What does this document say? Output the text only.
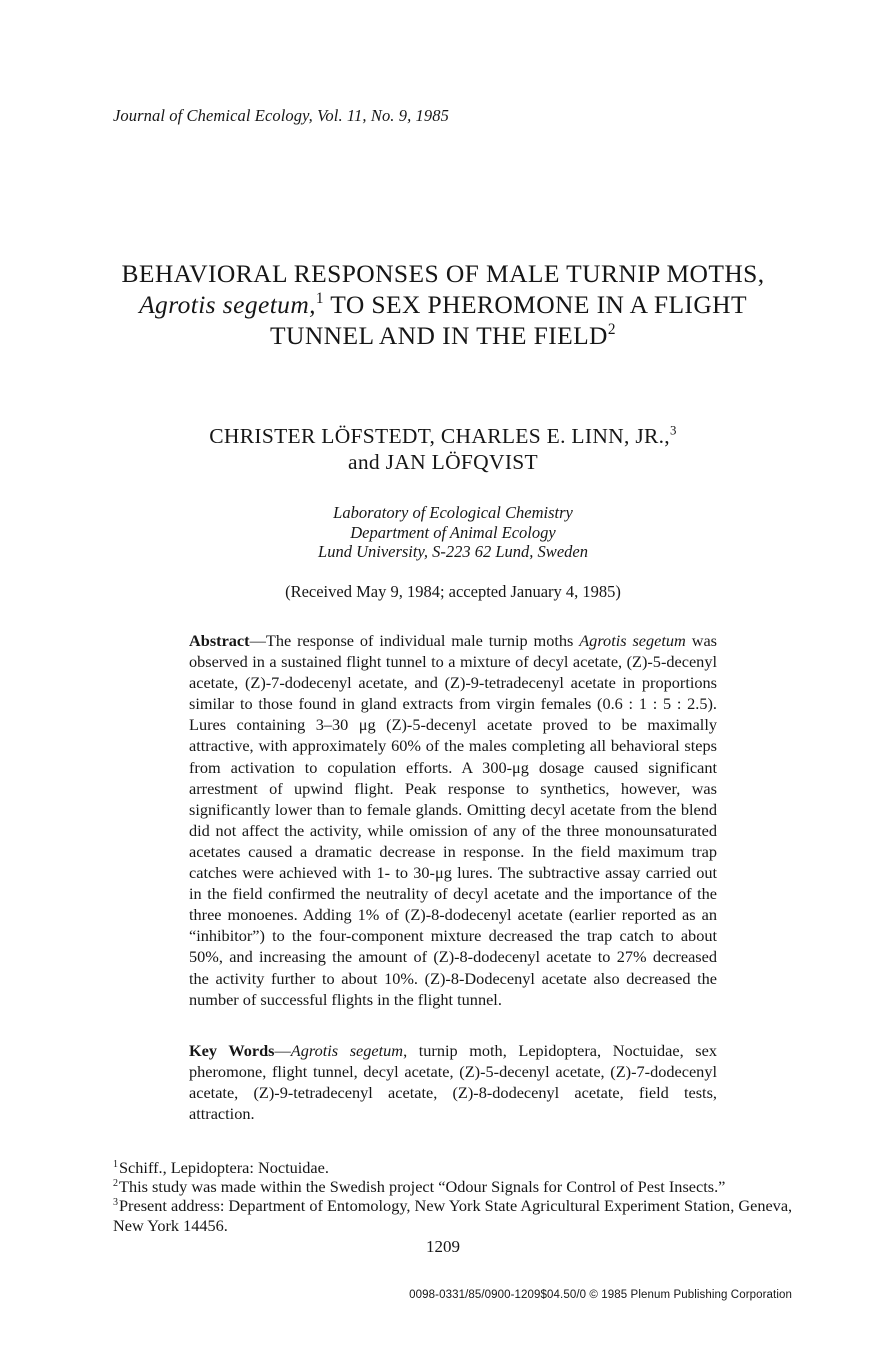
Journal of Chemical Ecology, Vol. 11, No. 9, 1985
BEHAVIORAL RESPONSES OF MALE TURNIP MOTHS,
Agrotis segetum,$^1$ TO SEX PHEROMONE IN A FLIGHT
TUNNEL AND IN THE FIELD$^2$
CHRISTER LÖFSTEDT, CHARLES E. LINN, JR.,$^3$
and JAN LÖFQVIST
Laboratory of Ecological Chemistry
Department of Animal Ecology
Lund University, S-223 62 Lund, Sweden
(Received May 9, 1984; accepted January 4, 1985)
Abstract—The response of individual male turnip moths Agrotis segetum was observed in a sustained flight tunnel to a mixture of decyl acetate, (Z)-5-decenyl acetate, (Z)-7-dodecenyl acetate, and (Z)-9-tetradecenyl acetate in proportions similar to those found in gland extracts from virgin females (0.6 : 1 : 5 : 2.5). Lures containing 3–30 μg (Z)-5-decenyl acetate proved to be maximally attractive, with approximately 60% of the males completing all behavioral steps from activation to copulation efforts. A 300-μg dosage caused significant arrestment of upwind flight. Peak response to synthetics, however, was significantly lower than to female glands. Omitting decyl acetate from the blend did not affect the activity, while omission of any of the three monounsaturated acetates caused a dramatic decrease in response. In the field maximum trap catches were achieved with 1- to 30-μg lures. The subtractive assay carried out in the field confirmed the neutrality of decyl acetate and the importance of the three monoenes. Adding 1% of (Z)-8-dodecenyl acetate (earlier reported as an “inhibitor”) to the four-component mixture decreased the trap catch to about 50%, and increasing the amount of (Z)-8-dodecenyl acetate to 27% decreased the activity further to about 10%. (Z)-8-Dodecenyl acetate also decreased the number of successful flights in the flight tunnel.
Key Words—Agrotis segetum, turnip moth, Lepidoptera, Noctuidae, sex pheromone, flight tunnel, decyl acetate, (Z)-5-decenyl acetate, (Z)-7-dodecenyl acetate, (Z)-9-tetradecenyl acetate, (Z)-8-dodecenyl acetate, field tests, attraction.
$^1$Schiff., Lepidoptera: Noctuidae.
$^2$This study was made within the Swedish project “Odour Signals for Control of Pest Insects.”
$^3$Present address: Department of Entomology, New York State Agricultural Experiment Station, Geneva, New York 14456.
1209
0098-0331/85/0900-1209$04.50/0 © 1985 Plenum Publishing Corporation
